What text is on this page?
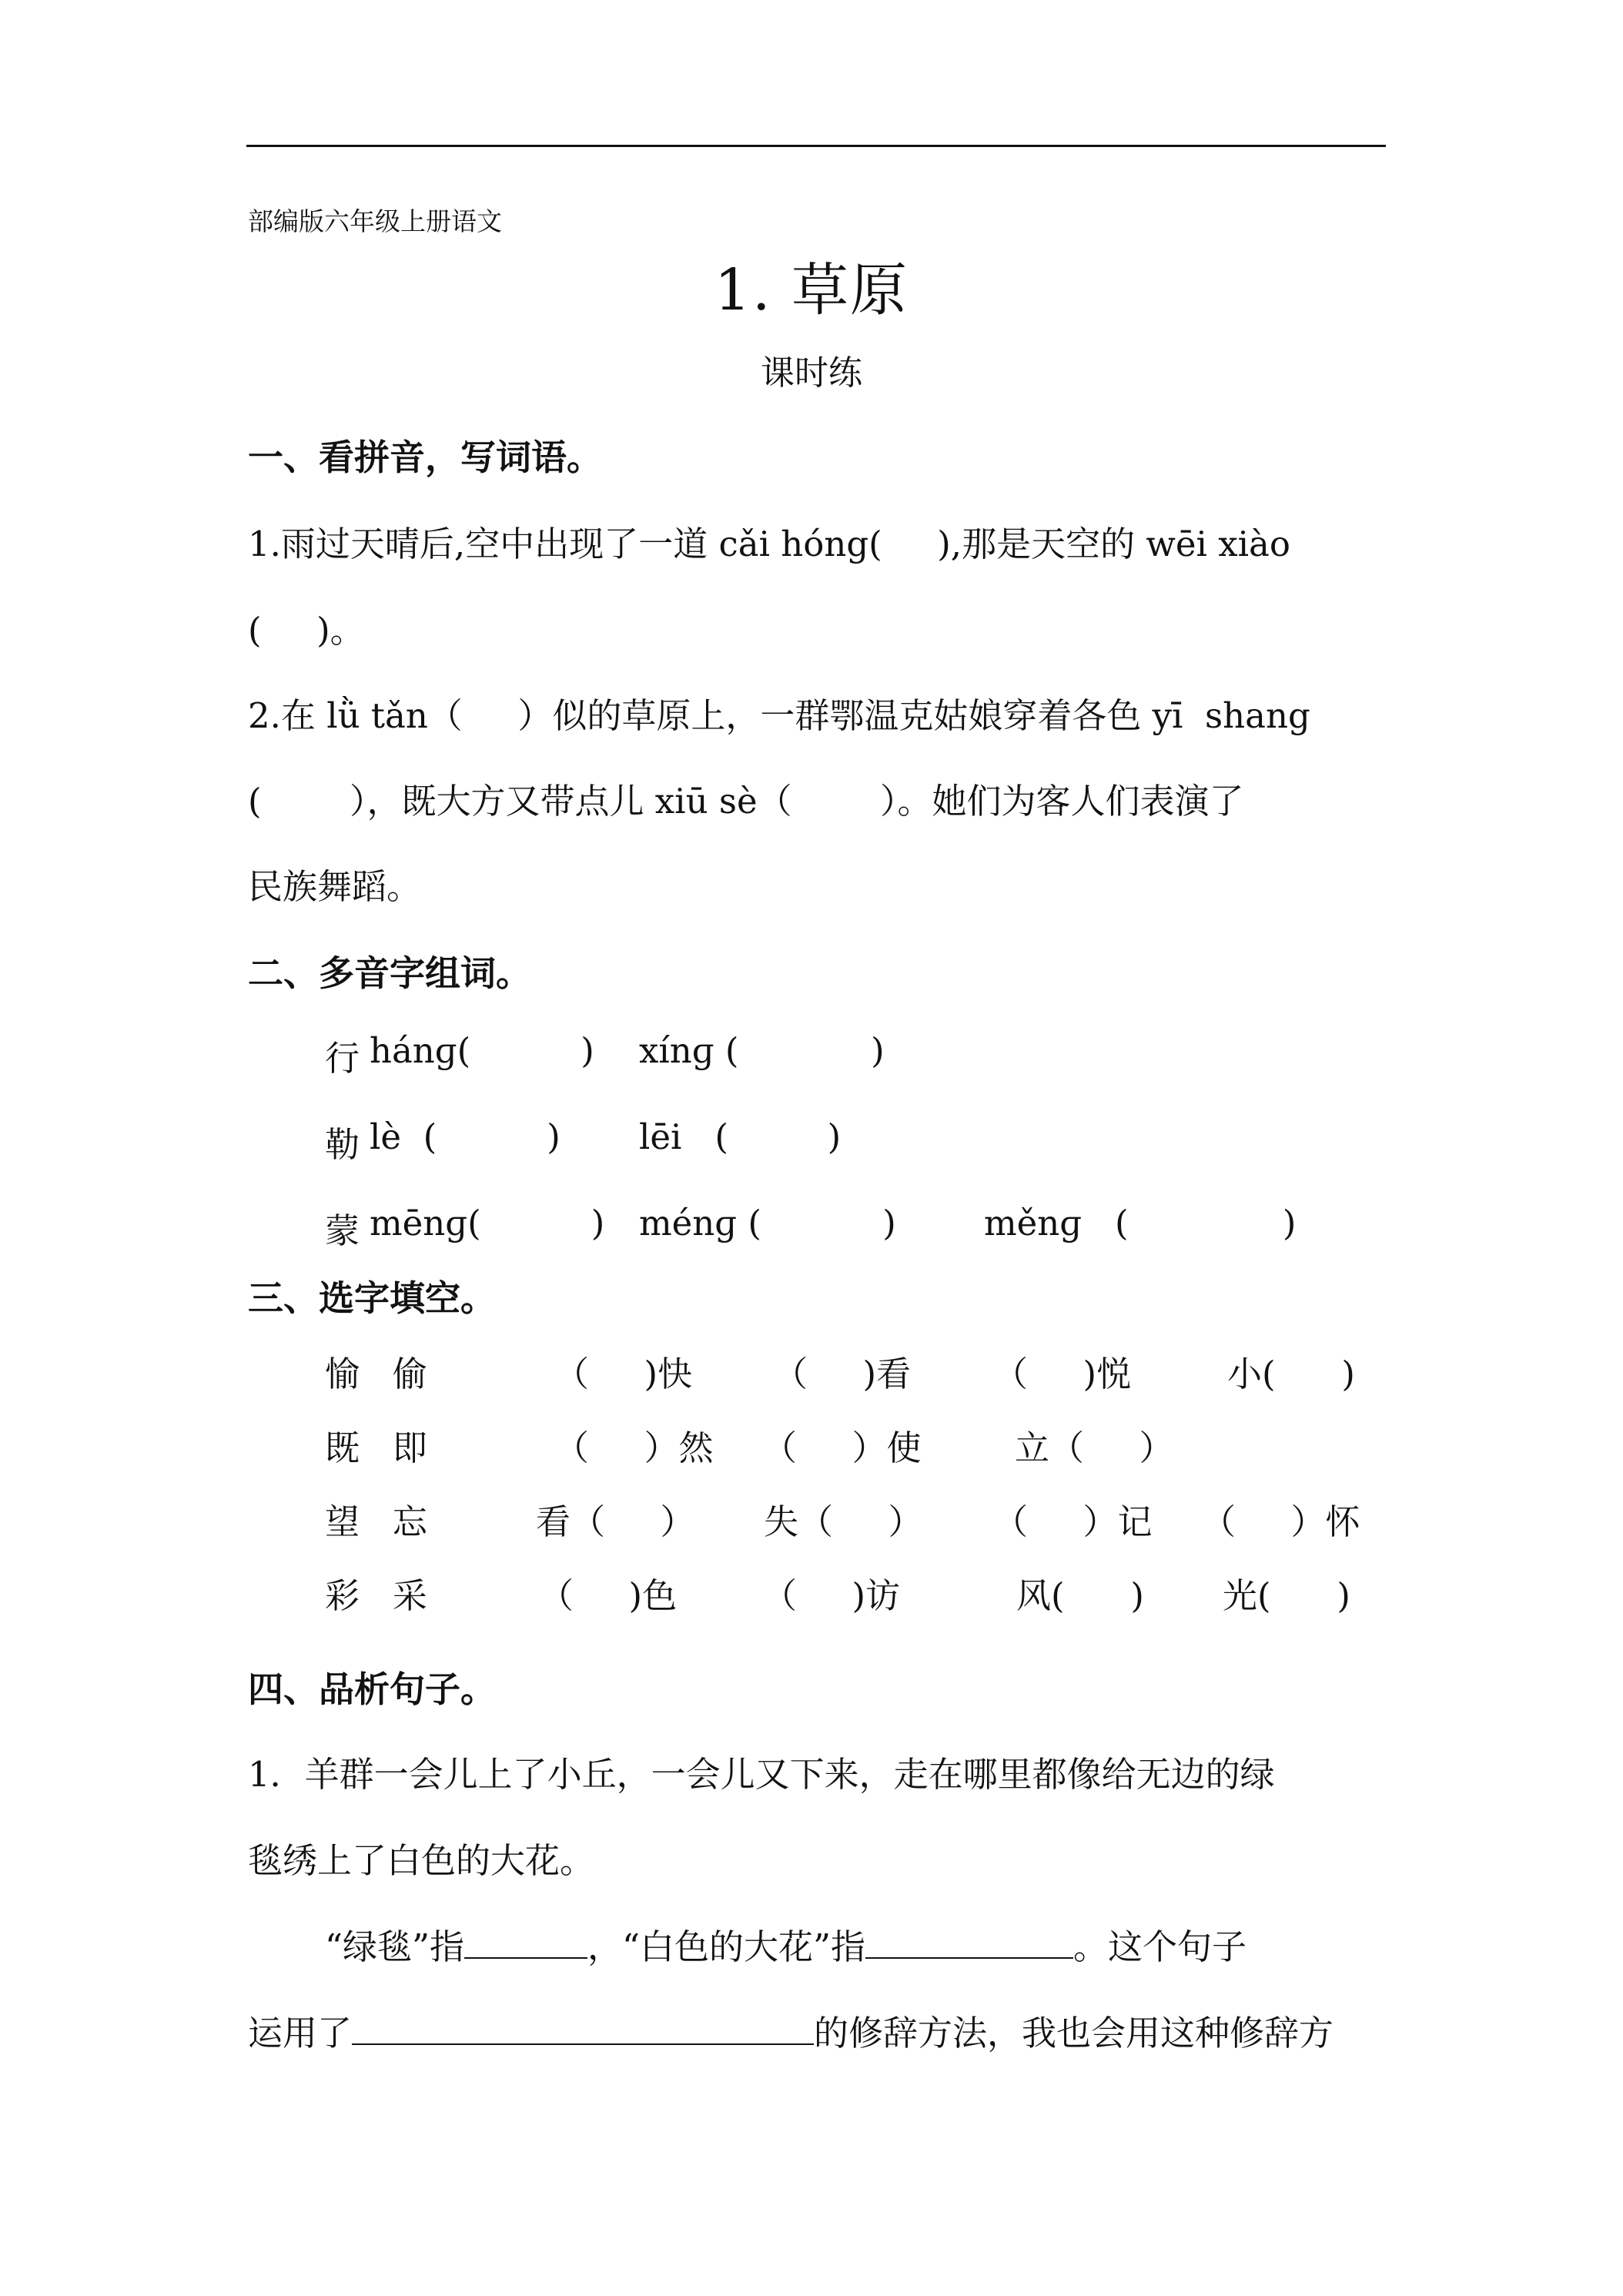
部编版六年级上册语文
1. 草原
课时练
一、看拼音，写词语。
1.雨过天晴后,空中出现了一道 cǎi hóng(     ),那是天空的 wēi xiào
(     )。
2.在 lǜ tǎn（     ）似的草原上，一群鄂温克姑娘穿着各色 yī  shang
(        ），既大方又带点儿 xiū sè（        ）。她们为客人们表演了
民族舞蹈。
二、多音字组词。
行 hánɡ(          ) xínɡ (            )
勒 lè  (          ) lēi   (         )
蒙 mēnɡ(          ) ménɡ (           )	měnɡ   (              )
三、选字填空。
愉   偷	（     )快 （     )看 （     )悦	小(      )
既   即	（     ）然 （     ）使	立（     ）
望   忘	看（     ） 失（     ） （     ）记 （     ）怀
彩   采	（     )色 （     )访	风(      ) 光(      )
四、品析句子。
1．羊群一会儿上了小丘，一会儿又下来，走在哪里都像给无边的绿
毯绣上了白色的大花。
“绿毯”指	，“白色的大花”指	。这个句子
运用了	的修辞方法，我也会用这种修辞方
